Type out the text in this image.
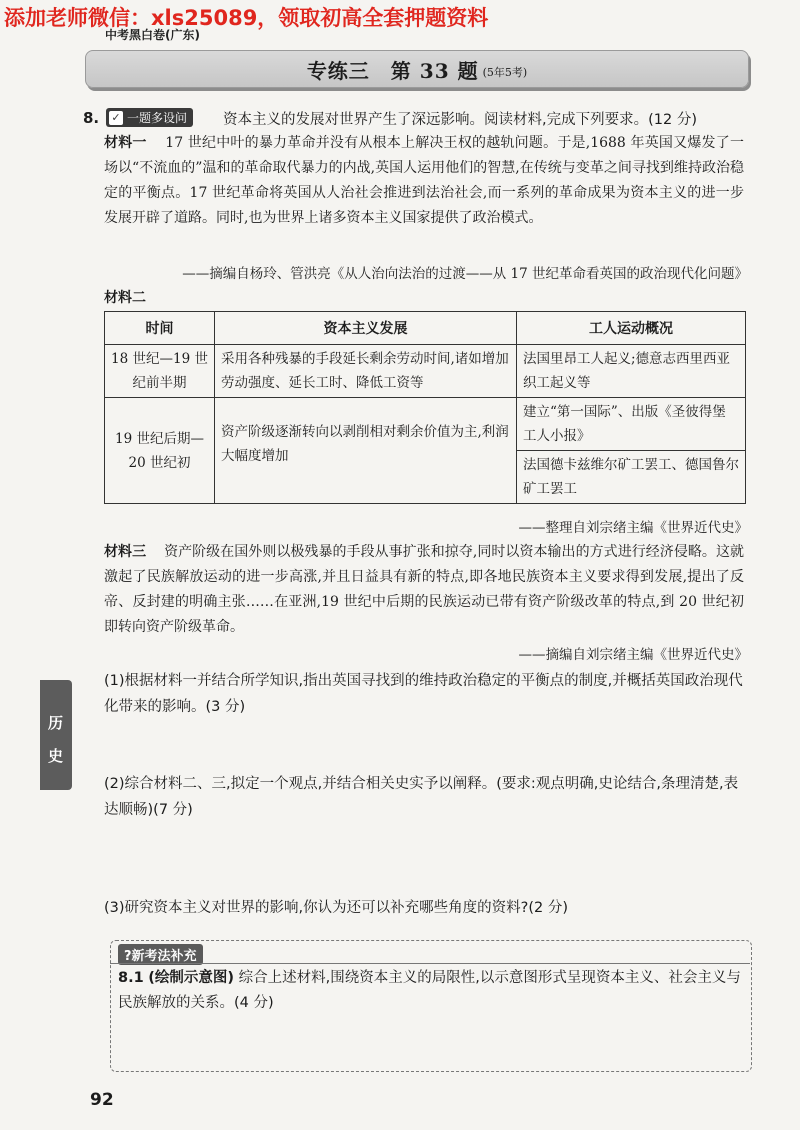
添加老师微信：xls25089，领取初高全套押题资料
中考黑白卷(广东)
专练三　第 33 题 (5年5考)
8. ✓ 一题多设问 资本主义的发展对世界产生了深远影响。阅读材料,完成下列要求。(12 分)
材料一 17 世纪中叶的暴力革命并没有从根本上解决王权的越轨问题。于是,1688 年英国又爆发了一场以“不流血的”温和的革命取代暴力的内战,英国人运用他们的智慧,在传统与变革之间寻找到维持政治稳定的平衡点。17 世纪革命将英国从人治社会推进到法治社会,而一系列的革命成果为资本主义的进一步发展开辟了道路。同时,也为世界上诸多资本主义国家提供了政治模式。
——摘编自杨玲、管洪亮《从人治向法治的过渡——从 17 世纪革命看英国的政治现代化问题》
材料二
时间	资本主义发展	工人运动概况
18 世纪—19 世纪前半期	采用各种残暴的手段延长剩余劳动时间,诸如增加劳动强度、延长工时、降低工资等	法国里昂工人起义;德意志西里西亚织工起义等
19 世纪后期—20 世纪初	资产阶级逐渐转向以剥削相对剩余价值为主,利润大幅度增加	建立“第一国际”、出版《圣彼得堡工人小报》
		法国德卡兹维尔矿工罢工、德国鲁尔矿工罢工
——整理自刘宗绪主编《世界近代史》
材料三 资产阶级在国外则以极残暴的手段从事扩张和掠夺,同时以资本输出的方式进行经济侵略。这就激起了民族解放运动的进一步高涨,并且日益具有新的特点,即各地民族资本主义要求得到发展,提出了反帝、反封建的明确主张……在亚洲,19 世纪中后期的民族运动已带有资产阶级改革的特点,到 20 世纪初即转向资产阶级革命。
——摘编自刘宗绪主编《世界近代史》
(1)根据材料一并结合所学知识,指出英国寻找到的维持政治稳定的平衡点的制度,并概括英国政治现代化带来的影响。(3 分)
(2)综合材料二、三,拟定一个观点,并结合相关史实予以阐释。(要求:观点明确,史论结合,条理清楚,表达顺畅)(7 分)
(3)研究资本主义对世界的影响,你认为还可以补充哪些角度的资料?(2 分)
历
史
?新考法补充
8.1 (绘制示意图) 综合上述材料,围绕资本主义的局限性,以示意图形式呈现资本主义、社会主义与民族解放的关系。(4 分)
92
